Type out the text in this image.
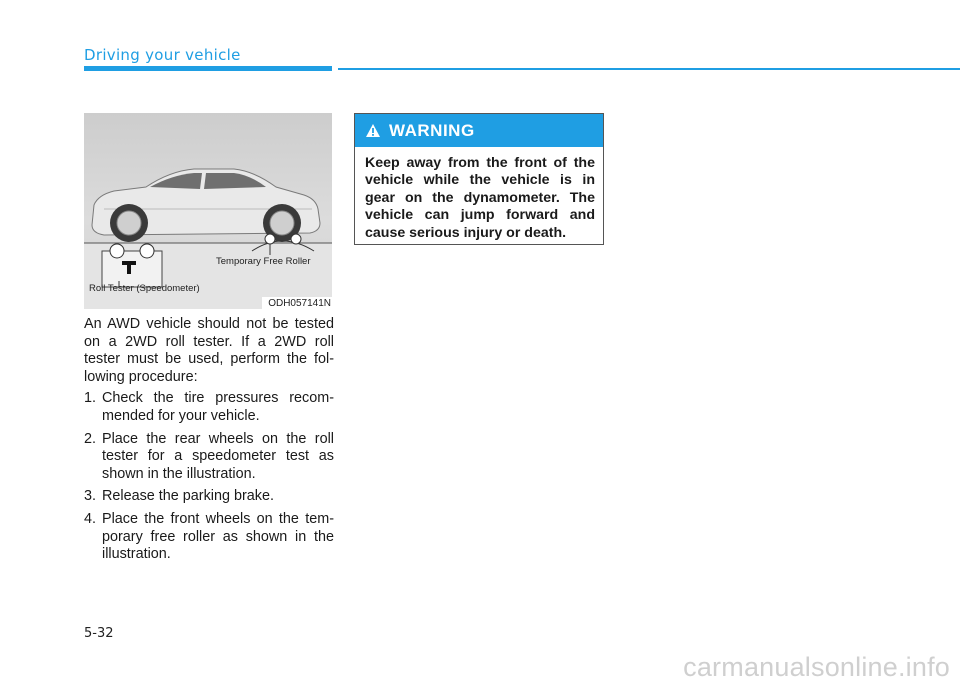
Driving your vehicle
Roll Tester (Speedometer)
Temporary Free Roller
ODH057141N

An AWD vehicle should not be tested on a 2WD roll tester. If a 2WD roll tester must be used, perform the fol-lowing procedure:

1. Check the tire pressures recom-mended for your vehicle.
2. Place the rear wheels on the roll tester for a speedometer test as shown in the illustration.
3. Release the parking brake.
4. Place the front wheels on the tem-porary free roller as shown in the illustration.
WARNING
Keep away from the front of the vehicle while the vehicle is in gear on the dynamometer. The vehicle can jump forward and cause serious injury or death.
5-32
carmanualsonline.info
